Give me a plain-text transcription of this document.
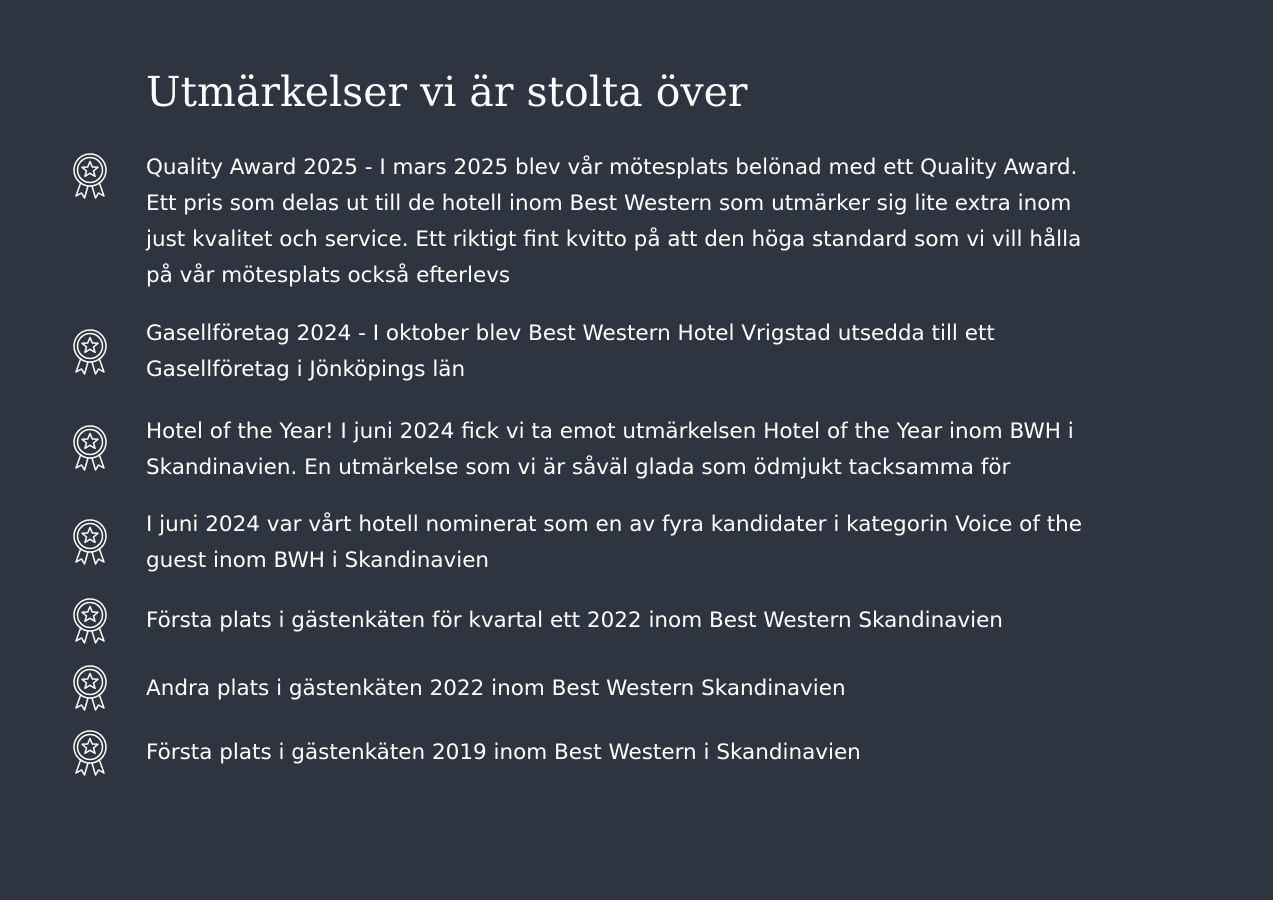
Utmärkelser vi är stolta över
Quality Award 2025 - I mars 2025 blev vår mötesplats belönad med ett Quality Award. Ett pris som delas ut till de hotell inom Best Western som utmärker sig lite extra inom just kvalitet och service. Ett riktigt fint kvitto på att den höga standard som vi vill hålla på vår mötesplats också efterlevs
Gasellföretag 2024 - I oktober blev Best Western Hotel Vrigstad utsedda till ett Gasellföretag i Jönköpings län
Hotel of the Year! I juni 2024 fick vi ta emot utmärkelsen Hotel of the Year inom BWH i Skandinavien. En utmärkelse som vi är såväl glada som ödmjukt tacksamma för
I juni 2024 var vårt hotell nominerat som en av fyra kandidater i kategorin Voice of the guest inom BWH i Skandinavien
Första plats i gästenkäten för kvartal ett 2022 inom Best Western Skandinavien
Andra plats i gästenkäten 2022 inom Best Western Skandinavien
Första plats i gästenkäten 2019 inom Best Western i Skandinavien
